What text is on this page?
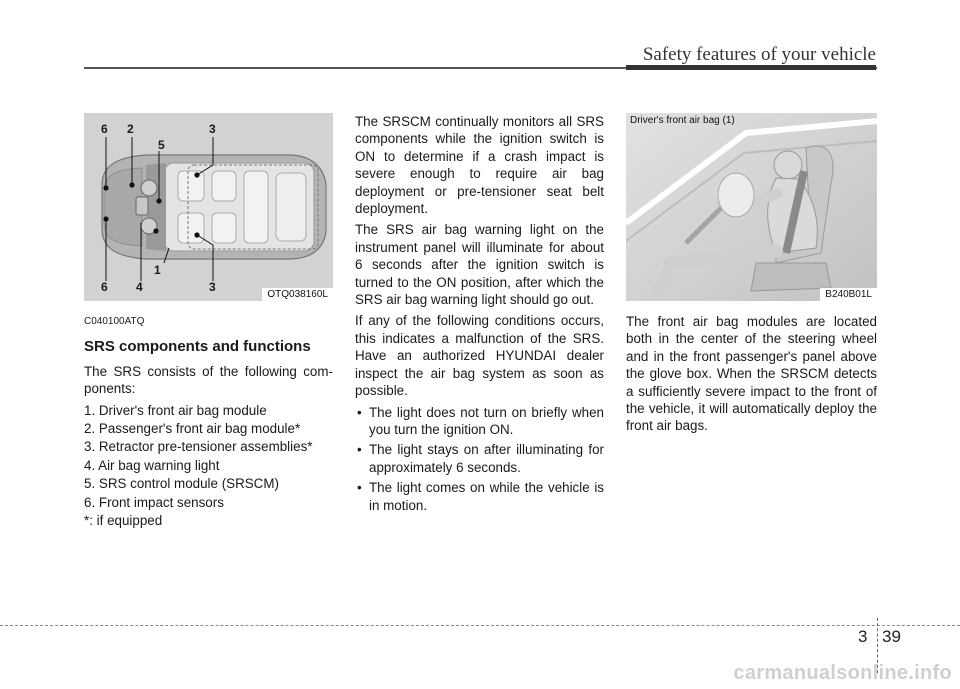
Safety features of your vehicle
6 2
5
3
6 4
1
3
OTQ038160L
C040100ATQ
SRS components and functions
The SRS consists of the following com-ponents:
1. Driver's front air bag module
2. Passenger's front air bag module*
3. Retractor pre-tensioner assemblies*
4. Air bag warning light
5. SRS control module (SRSCM)
6. Front impact sensors
*: if equipped
The SRSCM continually monitors all SRS components while the ignition switch is ON to determine if a crash impact is severe enough to require air bag deployment or pre-tensioner seat belt deployment.
The SRS air bag warning light on the instrument panel will illuminate for about 6 seconds after the ignition switch is turned to the ON position, after which the SRS air bag warning light should go out.
If any of the following conditions occurs, this indicates a malfunction of the SRS. Have an authorized HYUNDAI dealer inspect the air bag system as soon as possible.
• The light does not turn on briefly when you turn the ignition ON.
• The light stays on after illuminating for approximately 6 seconds.
• The light comes on while the vehicle is in motion.
Driver's front air bag (1)
B240B01L
The front air bag modules are located both in the center of the steering wheel and in the front passenger's panel above the glove box. When the SRSCM detects a sufficiently severe impact to the front of the vehicle, it will automatically deploy the front air bags.
3 39
carmanualsonline.info
